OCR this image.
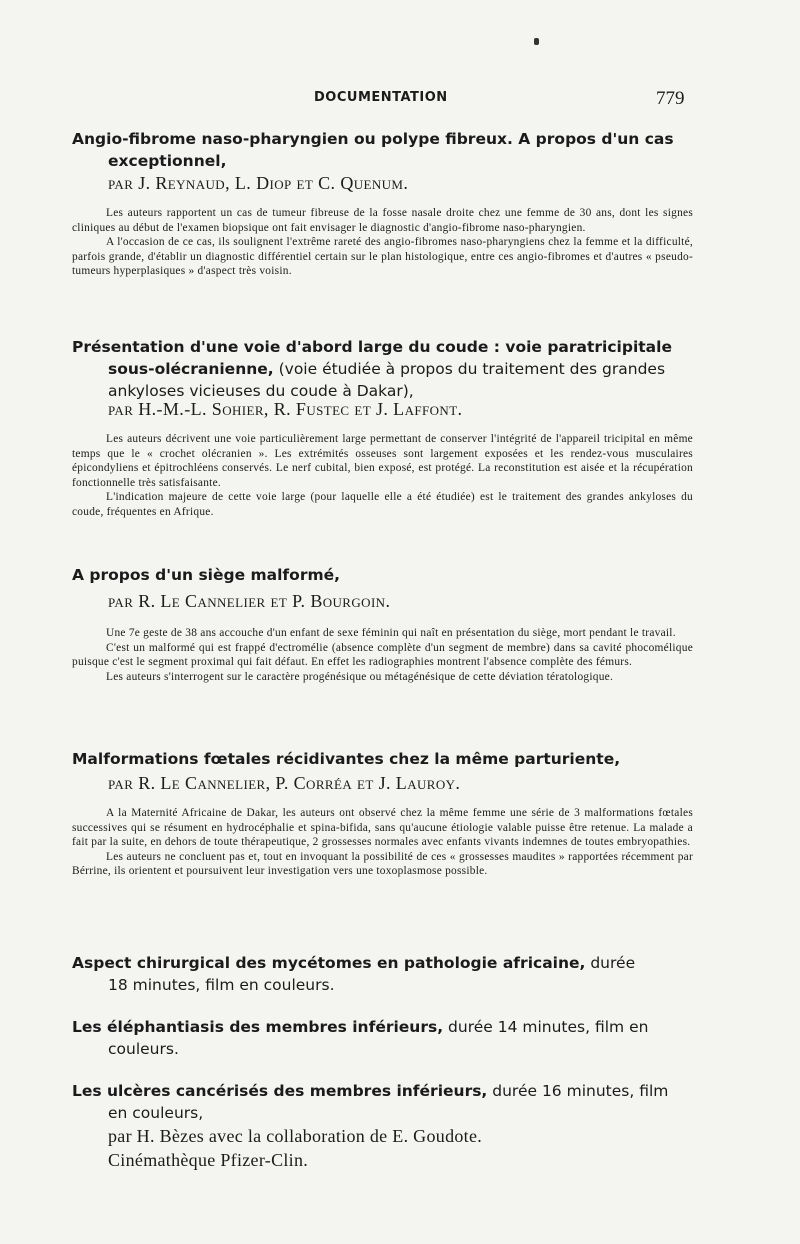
DOCUMENTATION	779
Angio-fibrome naso-pharyngien ou polype fibreux. A propos d'un cas
exceptionnel,
par J. Reynaud, L. Diop et C. Quenum.

Les auteurs rapportent un cas de tumeur fibreuse de la fosse nasale droite chez une femme de 30 ans, dont les signes cliniques au début de l'examen biopsique ont fait envisager le diagnostic d'angio-fibrome naso-pharyngien.

A l'occasion de ce cas, ils soulignent l'extrême rareté des angio-fibromes naso-pharyngiens chez la femme et la difficulté, parfois grande, d'établir un diagnostic différentiel certain sur le plan histologique, entre ces angio-fibromes et d'autres « pseudo-tumeurs hyperplasiques » d'aspect très voisin.

Présentation d'une voie d'abord large du coude : voie paratricipitale
sous-olécranienne, (voie étudiée à propos du traitement des grandes
ankyloses vicieuses du coude à Dakar),
par H.-M.-L. Sohier, R. Fustec et J. Laffont.

Les auteurs décrivent une voie particulièrement large permettant de conserver l'intégrité de l'appareil tricipital en même temps que le « crochet olécranien ». Les extrémités osseuses sont largement exposées et les rendez-vous musculaires épicondyliens et épitrochléens conservés. Le nerf cubital, bien exposé, est protégé. La reconstitution est aisée et la récupération fonctionnelle très satisfaisante.

L'indication majeure de cette voie large (pour laquelle elle a été étudiée) est le traitement des grandes ankyloses du coude, fréquentes en Afrique.

A propos d'un siège malformé,
par R. Le Cannelier et P. Bourgoin.

Une 7e geste de 38 ans accouche d'un enfant de sexe féminin qui naît en présentation du siège, mort pendant le travail.

C'est un malformé qui est frappé d'ectromélie (absence complète d'un segment de membre) dans sa cavité phocomélique puisque c'est le segment proximal qui fait défaut. En effet les radiographies montrent l'absence complète des fémurs.

Les auteurs s'interrogent sur le caractère progénésique ou métagénésique de cette déviation tératologique.

Malformations fœtales récidivantes chez la même parturiente,
par R. Le Cannelier, P. Corréa et J. Lauroy.

A la Maternité Africaine de Dakar, les auteurs ont observé chez la même femme une série de 3 malformations fœtales successives qui se résument en hydrocéphalie et spina-bifida, sans qu'aucune étiologie valable puisse être retenue. La malade a fait par la suite, en dehors de toute thérapeutique, 2 grossesses normales avec enfants vivants indemnes de toutes embryopathies.

Les auteurs ne concluent pas et, tout en invoquant la possibilité de ces « grossesses maudites » rapportées récemment par Bérrine, ils orientent et poursuivent leur investigation vers une toxoplasmose possible.

Aspect chirurgical des mycétomes en pathologie africaine, durée
18 minutes, film en couleurs.
Les éléphantiasis des membres inférieurs, durée 14 minutes, film en
couleurs.
Les ulcères cancérisés des membres inférieurs, durée 16 minutes, film
en couleurs,
par H. Bèzes avec la collaboration de E. Goudote.
Cinémathèque Pfizer-Clin.
